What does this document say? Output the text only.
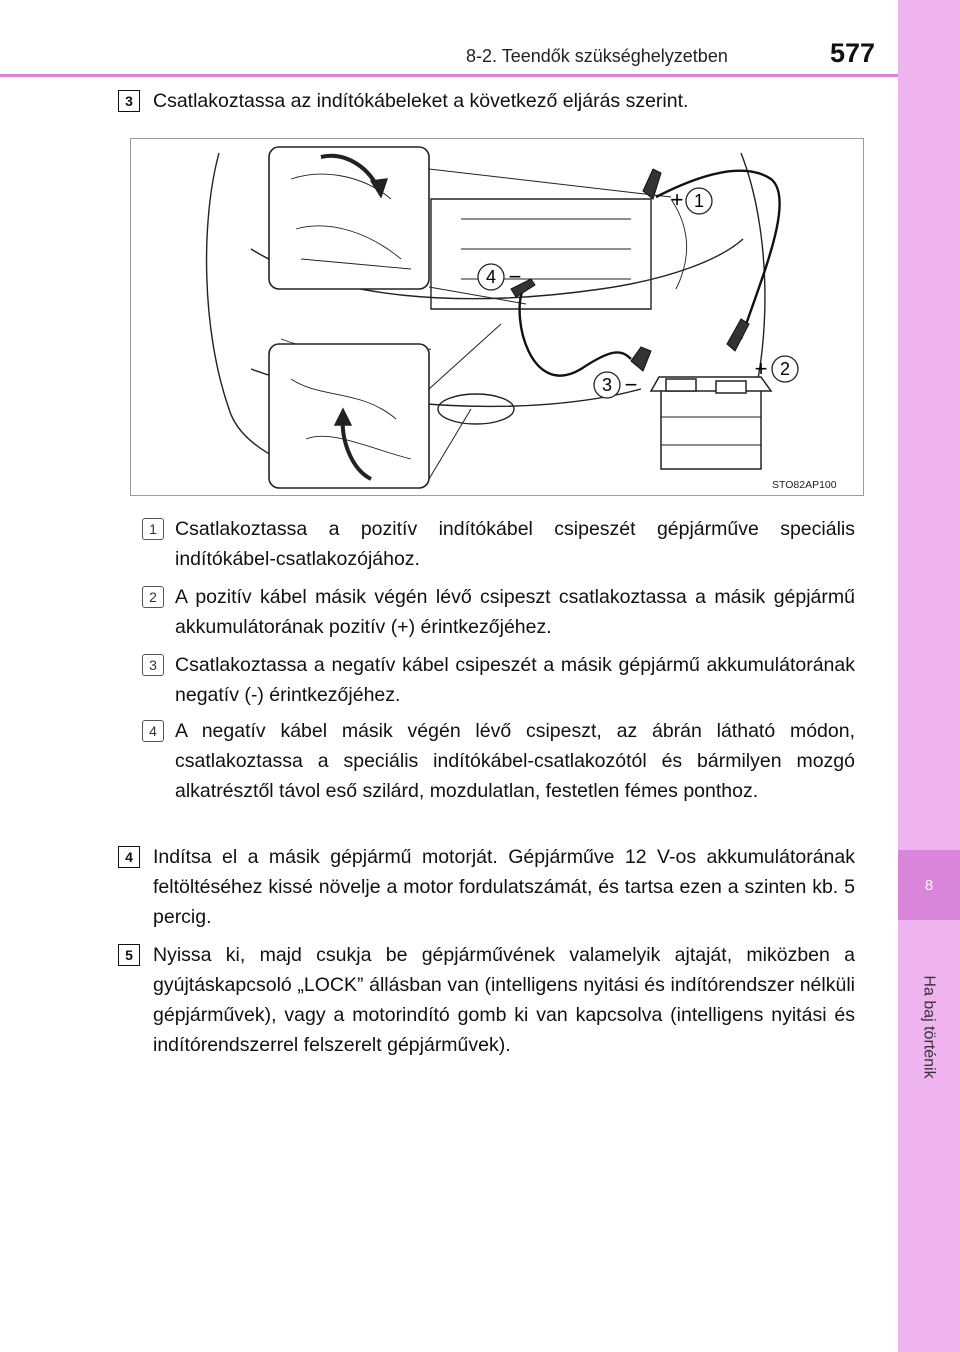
8
Ha baj történik
8-2. Teendők szükséghelyzetben	577
3	Csatlakoztassa az indítókábeleket a következő eljárás szerint.
1
+
2
+
3 −
4 −
STO82AP100
1 Csatlakoztassa a pozitív indítókábel csipeszét gépjárműve speciális indítókábel-csatlakozójához.
2 A pozitív kábel másik végén lévő csipeszt csatlakoztassa a másik gépjármű akkumulátorának pozitív (+) érintkezőjéhez.
3 Csatlakoztassa a negatív kábel csipeszét a másik gépjármű akkumulátorának negatív (-) érintkezőjéhez.
4 A negatív kábel másik végén lévő csipeszt, az ábrán látható módon, csatlakoztassa a speciális indítókábel-csatlakozótól és bármilyen mozgó alkatrésztől távol eső szilárd, mozdulatlan, festetlen fémes ponthoz.
4	Indítsa el a másik gépjármű motorját. Gépjárműve 12 V-os akkumulátorának feltöltéséhez kissé növelje a motor fordulatszámát, és tartsa ezen a szinten kb. 5 percig.
5	Nyissa ki, majd csukja be gépjárművének valamelyik ajtaját, miközben a gyújtáskapcsoló „LOCK” állásban van (intelligens nyitási és indítórendszer nélküli gépjárművek), vagy a motorindító gomb ki van kapcsolva (intelligens nyitási és indítórendszerrel felszerelt gépjárművek).
